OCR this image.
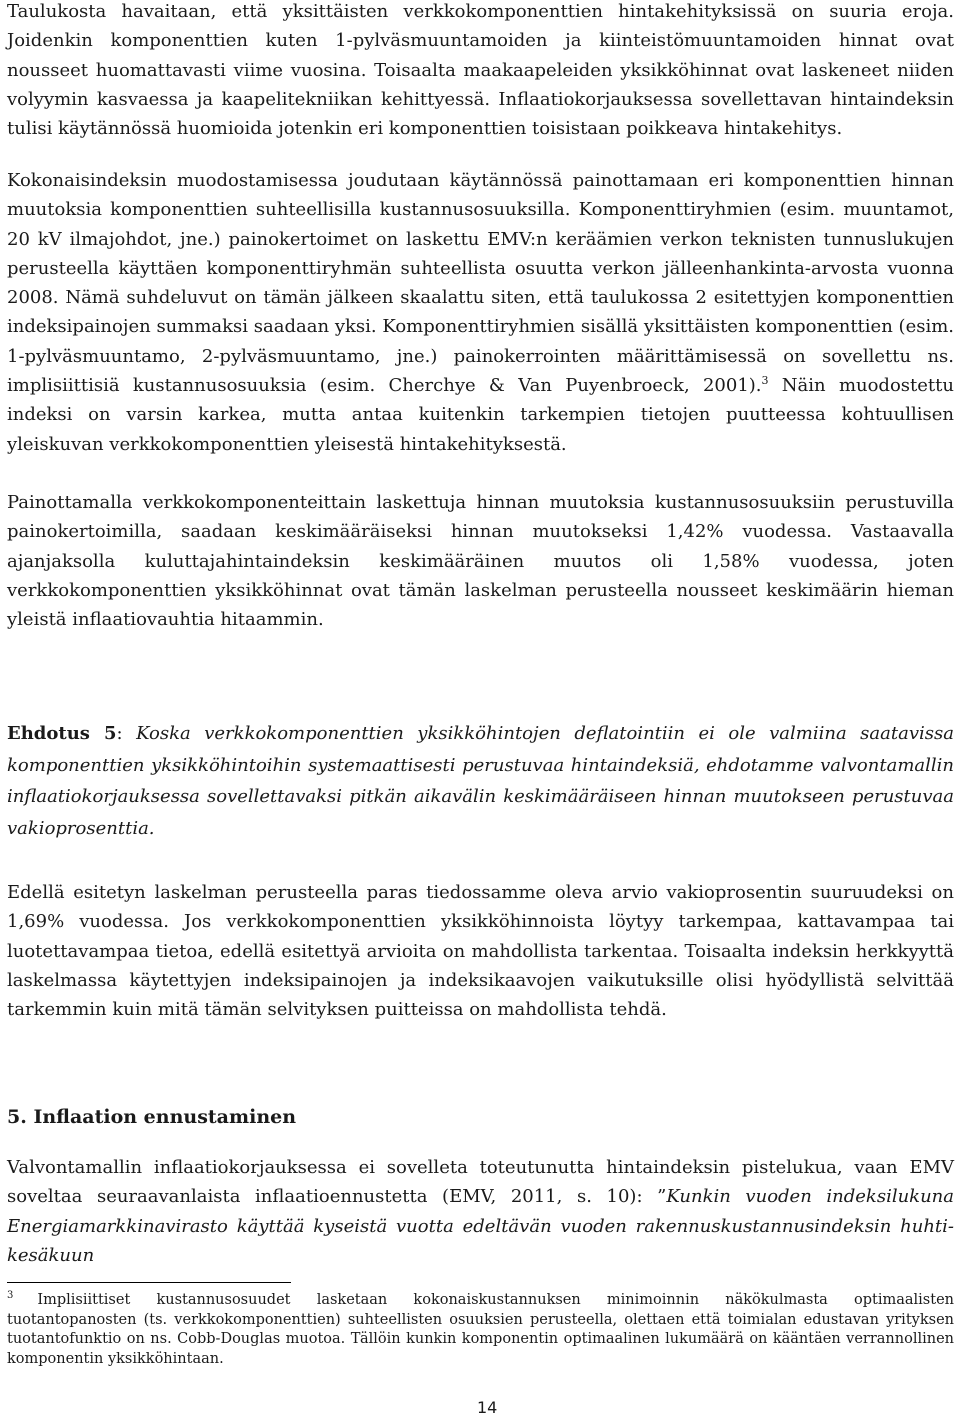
Taulukosta havaitaan, että yksittäisten verkkokomponenttien hintakehityksissä on suuria eroja. Joidenkin komponenttien kuten 1-pylväsmuuntamoiden ja kiinteistömuuntamoiden hinnat ovat nousseet huomattavasti viime vuosina. Toisaalta maakaapeleiden yksikköhinnat ovat laskeneet niiden volyymin kasvaessa ja kaapelitekniikan kehittyessä. Inflaatiokorjauksessa sovellettavan hintaindeksin tulisi käytännössä huomioida jotenkin eri komponenttien toisistaan poikkeava hintakehitys.

Kokonaisindeksin muodostamisessa joudutaan käytännössä painottamaan eri komponenttien hinnan muutoksia komponenttien suhteellisilla kustannusosuuksilla. Komponenttiryhmien (esim. muuntamot, 20 kV ilmajohdot, jne.) painokertoimet on laskettu EMV:n keräämien verkon teknisten tunnuslukujen perusteella käyttäen komponenttiryhmän suhteellista osuutta verkon jälleenhankinta-arvosta vuonna 2008. Nämä suhdeluvut on tämän jälkeen skaalattu siten, että taulukossa 2 esitettyjen komponenttien indeksipainojen summaksi saadaan yksi. Komponenttiryhmien sisällä yksittäisten komponenttien (esim. 1-pylväsmuuntamo, 2-pylväsmuuntamo, jne.) painokerrointen määrittämisessä on sovellettu ns. implisiittisiä kustannusosuuksia (esim. Cherchye & Van Puyenbroeck, 2001).$^3$ Näin muodostettu indeksi on varsin karkea, mutta antaa kuitenkin tarkempien tietojen puutteessa kohtuullisen yleiskuvan verkkokomponenttien yleisestä hintakehityksestä.

Painottamalla verkkokomponenteittain laskettuja hinnan muutoksia kustannusosuuksiin perustuvilla painokertoimilla, saadaan keskimääräiseksi hinnan muutokseksi 1,42% vuodessa. Vastaavalla ajanjaksolla kuluttajahintaindeksin keskimääräinen muutos oli 1,58% vuodessa, joten verkkokomponenttien yksikköhinnat ovat tämän laskelman perusteella nousseet keskimäärin hieman yleistä inflaatiovauhtia hitaammin.

Ehdotus 5: Koska verkkokomponenttien yksikköhintojen deflatointiin ei ole valmiina saatavissa komponenttien yksikköhintoihin systemaattisesti perustuvaa hintaindeksiä, ehdotamme valvontamallin inflaatiokorjauksessa sovellettavaksi pitkän aikavälin keskimääräiseen hinnan muutokseen perustuvaa vakioprosenttia.

Edellä esitetyn laskelman perusteella paras tiedossamme oleva arvio vakioprosentin suuruudeksi on 1,69% vuodessa. Jos verkkokomponenttien yksikköhinnoista löytyy tarkempaa, kattavampaa tai luotettavampaa tietoa, edellä esitettyä arvioita on mahdollista tarkentaa. Toisaalta indeksin herkkyyttä laskelmassa käytettyjen indeksipainojen ja indeksikaavojen vaikutuksille olisi hyödyllistä selvittää tarkemmin kuin mitä tämän selvityksen puitteissa on mahdollista tehdä.

5. Inflaation ennustaminen

Valvontamallin inflaatiokorjauksessa ei sovelleta toteutunutta hintaindeksin pistelukua, vaan EMV soveltaa seuraavanlaista inflaatioennustetta (EMV, 2011, s. 10): ”Kunkin vuoden indeksilukuna Energiamarkkinavirasto käyttää kyseistä vuotta edeltävän vuoden rakennuskustannusindeksin huhti-kesäkuun

$^3$ Implisiittiset kustannusosuudet lasketaan kokonaiskustannuksen minimoinnin näkökulmasta optimaalisten tuotantopanosten (ts. verkkokomponenttien) suhteellisten osuuksien perusteella, olettaen että toimialan edustavan yrityksen tuotantofunktio on ns. Cobb-Douglas muotoa. Tällöin kunkin komponentin optimaalinen lukumäärä on kääntäen verrannollinen komponentin yksikköhintaan.

14
